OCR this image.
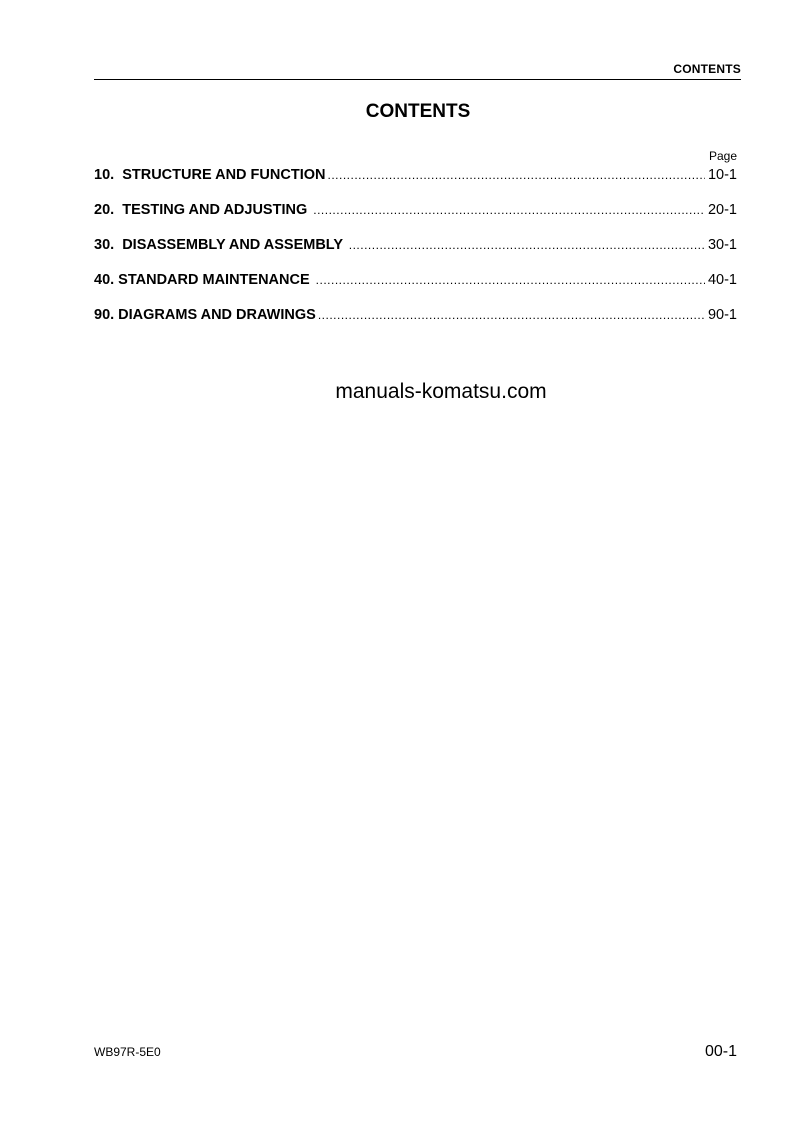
CONTENTS
CONTENTS
Page
10.  STRUCTURE AND FUNCTION .....	10-1
20.  TESTING AND ADJUSTING .....	20-1
30.  DISASSEMBLY AND ASSEMBLY .....	30-1
40. STANDARD MAINTENANCE .....	40-1
90. DIAGRAMS AND DRAWINGS .....	90-1
manuals-komatsu.com
WB97R-5E0	00-1
